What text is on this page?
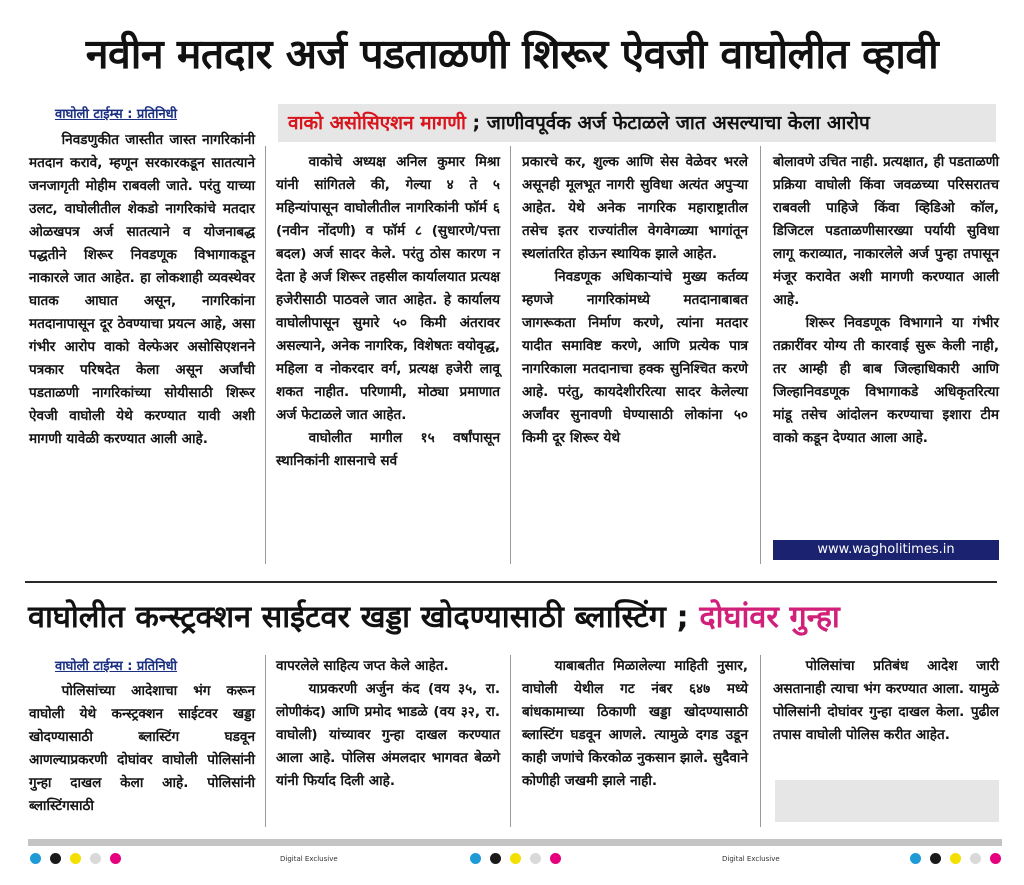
नवीन मतदार अर्ज पडताळणी शिरूर ऐवजी वाघोलीत व्हावी
वाघोली टाईम्स : प्रतिनिधी	वाको असोसिएशन मागणी ; जाणीवपूर्वक अर्ज फेटाळले जात असल्याचा केला आरोप

निवडणुकीत जास्तीत जास्त नागरिकांनी मतदान करावे, म्हणून सरकारकडून सातत्याने जनजागृती मोहीम राबवली जाते. परंतु याच्या उलट, वाघोलीतील शेकडो नागरिकांचे मतदार ओळखपत्र अर्ज सातत्याने व योजनाबद्ध पद्धतीने शिरूर निवडणूक विभागाकडून नाकारले जात आहेत. हा लोकशाही व्यवस्थेवर घातक आघात असून, नागरिकांना मतदानापासून दूर ठेवण्याचा प्रयत्न आहे, असा गंभीर आरोप वाको वेल्फेअर असोसिएशनने पत्रकार परिषदेत केला असून अर्जांची पडताळणी नागरिकांच्या सोयीसाठी शिरूर ऐवजी वाघोली येथे करण्यात यावी अशी मागणी यावेळी करण्यात आली आहे.

वाकोचे अध्यक्ष अनिल कुमार मिश्रा यांनी सांगितले की, गेल्या ४ ते ५ महिन्यांपासून वाघोलीतील नागरिकांनी फॉर्म ६ (नवीन नोंदणी) व फॉर्म ८ (सुधारणे/पत्ता बदल) अर्ज सादर केले. परंतु ठोस कारण न देता हे अर्ज शिरूर तहसील कार्यालयात प्रत्यक्ष हजेरीसाठी पाठवले जात आहेत. हे कार्यालय वाघोलीपासून सुमारे ५० किमी अंतरावर असल्याने, अनेक नागरिक, विशेषतः वयोवृद्ध, महिला व नोकरदार वर्ग, प्रत्यक्ष हजेरी लावू शकत नाहीत. परिणामी, मोठ्या प्रमाणात अर्ज फेटाळले जात आहेत.

वाघोलीत मागील १५ वर्षांपासून स्थानिकांनी शासनाचे सर्व

प्रकारचे कर, शुल्क आणि सेस वेळेवर भरले असूनही मूलभूत नागरी सुविधा अत्यंत अपुऱ्या आहेत. येथे अनेक नागरिक महाराष्ट्रातील तसेच इतर राज्यांतील वेगवेगळ्या भागांतून स्थलांतरित होऊन स्थायिक झाले आहेत.

निवडणूक अधिकाऱ्यांचे मुख्य कर्तव्य म्हणजे नागरिकांमध्ये मतदानाबाबत जागरूकता निर्माण करणे, त्यांना मतदार यादीत समाविष्ट करणे, आणि प्रत्येक पात्र नागरिकाला मतदानाचा हक्क सुनिश्चित करणे आहे. परंतु, कायदेशीररित्या सादर केलेल्या अर्जांवर सुनावणी घेण्यासाठी लोकांना ५० किमी दूर शिरूर येथे

बोलावणे उचित नाही. प्रत्यक्षात, ही पडताळणी प्रक्रिया वाघोली किंवा जवळच्या परिसरातच राबवली पाहिजे किंवा व्हिडिओ कॉल, डिजिटल पडताळणीसारख्या पर्यायी सुविधा लागू कराव्यात, नाकारलेले अर्ज पुन्हा तपासून मंजूर करावेत अशी मागणी करण्यात आली आहे.

शिरूर निवडणूक विभागाने या गंभीर तक्रारींवर योग्य ती कारवाई सुरू केली नाही, तर आम्ही ही बाब जिल्हाधिकारी आणि जिल्हानिवडणूक विभागाकडे अधिकृतरित्या मांडू तसेच आंदोलन करण्याचा इशारा टीम वाको कडून देण्यात आला आहे.

www.wagholitimes.in
वाघोलीत कन्स्ट्रक्शन साईटवर खड्डा खोदण्यासाठी ब्लास्टिंग ; दोघांवर गुन्हा
वाघोली टाईम्स : प्रतिनिधी

पोलिसांच्या आदेशाचा भंग करून वाघोली येथे कन्स्ट्रक्शन साईटवर खड्डा खोदण्यासाठी ब्लास्टिंग घडवून आणल्याप्रकरणी दोघांवर वाघोली पोलिसांनी गुन्हा दाखल केला आहे. पोलिसांनी ब्लास्टिंगसाठी

वापरलेले साहित्य जप्त केले आहेत.

याप्रकरणी अर्जुन कंद (वय ३५, रा. लोणीकंद) आणि प्रमोद भाडळे (वय ३२, रा. वाघोली) यांच्यावर गुन्हा दाखल करण्यात आला आहे. पोलिस अंमलदार भागवत बेळगे यांनी फिर्याद दिली आहे.

याबाबतीत मिळालेल्या माहिती नुसार, वाघोली येथील गट नंबर ६४७ मध्ये बांधकामाच्या ठिकाणी खड्डा खोदण्यासाठी ब्लास्टिंग घडवून आणले. त्यामुळे दगड उडून काही जणांचे किरकोळ नुकसान झाले. सुदैवाने कोणीही जखमी झाले नाही.

पोलिसांचा प्रतिबंध आदेश जारी असतानाही त्याचा भंग करण्यात आला. यामुळे पोलिसांनी दोघांवर गुन्हा दाखल केला. पुढील तपास वाघोली पोलिस करीत आहेत.

Digital Exclusive	Digital Exclusive
